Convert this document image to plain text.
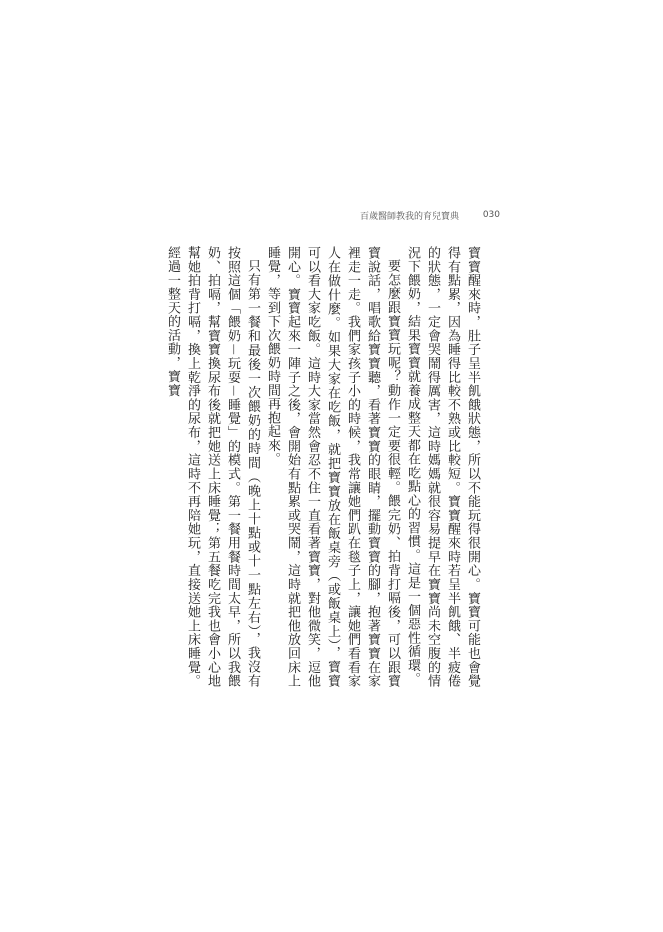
百歲醫師教我的育兒寶典	030

寶寶醒來時，肚子呈半飢餓狀態，所以不能玩得很開心。寶寶可能也會覺得有點累，因為睡得比較不熟或比較短。寶寶醒來時若呈半飢餓、半疲倦的狀態，一定會哭鬧得厲害，這時媽媽就很容易提早在寶寶尚未空腹的情況下餵奶，結果寶寶就養成整天都在吃點心的習慣。這是一個惡性循環。

要怎麼跟寶寶玩呢？動作一定要很輕。餵完奶、拍背打嗝後，可以跟寶寶說話，唱歌給寶寶聽，看著寶寶的眼睛，擺動寶寶的腳，抱著寶寶在家裡走一走。我們家孩子小的時候，我常讓她們趴在毯子上，讓她們看看家人在做什麼。如果大家在吃飯，就把寶寶放在飯桌旁（或飯桌上），寶寶可以看大家吃飯。這時大家當然會忍不住一直看著寶寶，對他微笑，逗他開心。寶寶起來一陣子之後，會開始有點累或哭鬧，這時就把他放回床上睡覺，等到下次餵奶時間再抱起來。

只有第一餐和最後一次餵奶的時間（晚上十點或十一點左右），我沒有按照這個「餵奶－玩耍－睡覺」的模式。第一餐用餐時間太早，所以我餵奶、拍嗝，幫寶寶換尿布後就把她送上床睡覺；第五餐吃完我也會小心地幫她拍背打嗝，換上乾淨的尿布，這時不再陪她玩，直接送她上床睡覺。經過一整天的活動，寶寶
